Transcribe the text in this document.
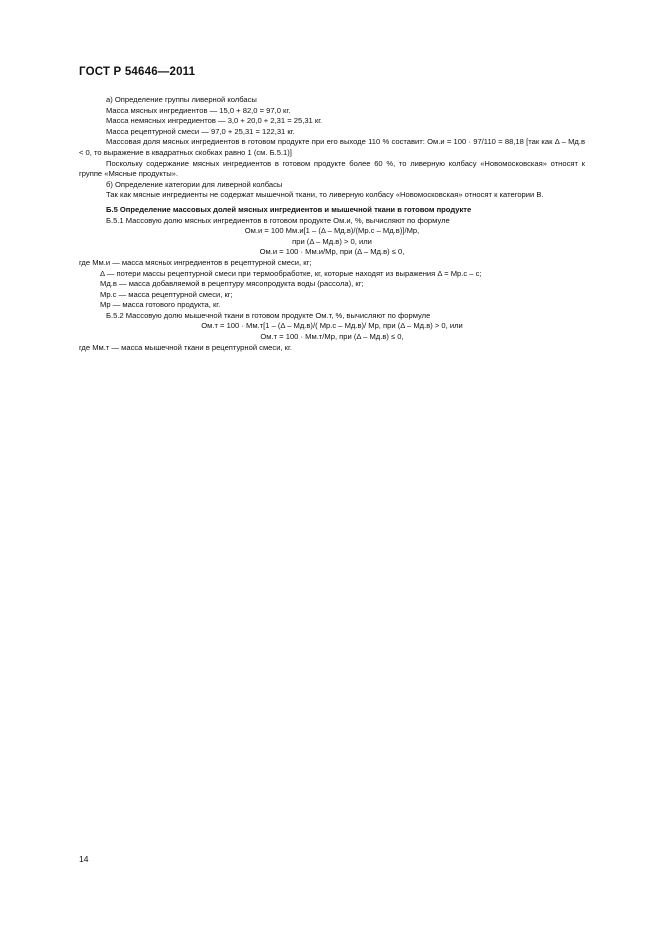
ГОСТ Р 54646—2011

а) Определение группы ливерной колбасы

Масса мясных ингредиентов — 15,0 + 82,0 = 97,0 кг.

Масса немясных ингредиентов — 3,0 + 20,0 + 2,31 = 25,31 кг.

Масса рецептурной смеси — 97,0 + 25,31 = 122,31 кг.

Массовая доля мясных ингредиентов в готовом продукте при его выходе 110 % составит: Oм.и = 100 · 97/110 = 88,18 [так как Δ – Мд.в < 0, то выражение в квадратных скобках равно 1 (см. Б.5.1)]

Поскольку содержание мясных ингредиентов в готовом продукте более 60 %, то ливерную колбасу «Новомосковская» относят к группе «Мясные продукты».

б) Определение категории для ливерной колбасы

Так как мясные ингредиенты не содержат мышечной ткани, то ливерную колбасу «Новомосковская» относят к категории В.

Б.5 Определение массовых долей мясных ингредиентов и мышечной ткани в готовом продукте

Б.5.1 Массовую долю мясных ингредиентов в готовом продукте Oм.и, %, вычисляют по формуле

Oм.и = 100 Mм.и[1 – (Δ – Mд.в)/(Mр.с – Mд.в)]/Mр,

при (Δ – Mд.в) > 0, или

Oм.и = 100 · Mм.и/Mр, при (Δ – Mд.в) ≤ 0,

где Mм.и — масса мясных ингредиентов в рецептурной смеси, кг;

Δ — потери массы рецептурной смеси при термообработке, кг, которые находят из выражения Δ = Mр.с – c;

Mд.в — масса добавляемой в рецептуру мясопродукта воды (рассола), кг;

Mр.с — масса рецептурной смеси, кг;

Mр — масса готового продукта, кг.

Б.5.2 Массовую долю мышечной ткани в готовом продукте Oм.т, %, вычисляют по формуле

Oм.т = 100 · Mм.т[1 – (Δ – Mд.в)/( Mр.с – Mд.в)/ Mр, при (Δ – Mд.в) > 0, или

Oм.т = 100 · Mм.т/Mр, при (Δ – Mд.в) ≤ 0,

где Mм.т — масса мышечной ткани в рецептурной смеси, кг.

14
